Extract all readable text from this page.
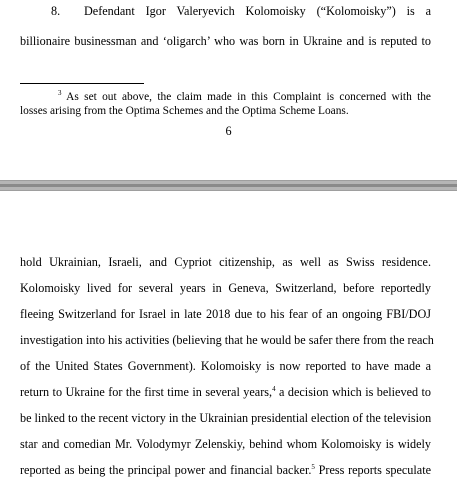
8. Defendant Igor Valeryevich Kolomoisky (“Kolomoisky”) is a
billionaire businessman and ‘oligarch’ who was born in Ukraine and is reputed to
$^3$ As set out above, the claim made in this Complaint is concerned with the
losses arising from the Optima Schemes and the Optima Scheme Loans.
6
hold Ukrainian, Israeli, and Cypriot citizenship, as well as Swiss residence.
Kolomoisky lived for several years in Geneva, Switzerland, before reportedly
fleeing Switzerland for Israel in late 2018 due to his fear of an ongoing FBI/DOJ
investigation into his activities (believing that he would be safer there from the reach
of the United States Government). Kolomoisky is now reported to have made a
return to Ukraine for the first time in several years,$^4$ a decision which is believed to
be linked to the recent victory in the Ukrainian presidential election of the television
star and comedian Mr. Volodymyr Zelenskiy, behind whom Kolomoisky is widely
reported as being the principal power and financial backer.$^5$ Press reports speculate
